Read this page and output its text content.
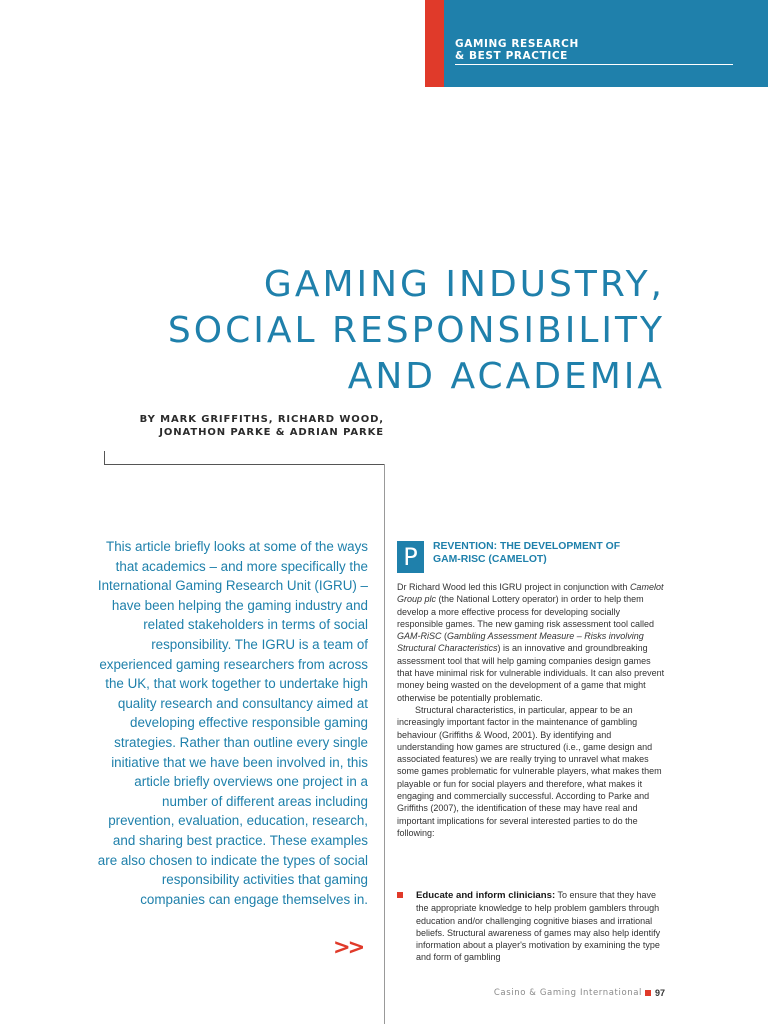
GAMING RESEARCH
& BEST PRACTICE
GAMING INDUSTRY,
SOCIAL RESPONSIBILITY
AND ACADEMIA
BY MARK GRIFFITHS, RICHARD WOOD,
JONATHON PARKE & ADRIAN PARKE
This article briefly looks at some of the ways that academics – and more specifically the International Gaming Research Unit (IGRU) – have been helping the gaming industry and related stakeholders in terms of social responsibility. The IGRU is a team of experienced gaming researchers from across the UK, that work together to undertake high quality research and consultancy aimed at developing effective responsible gaming strategies. Rather than outline every single initiative that we have been involved in, this article briefly overviews one project in a number of different areas including prevention, evaluation, education, research, and sharing best practice. These examples are also chosen to indicate the types of social responsibility activities that gaming companies can engage themselves in.
>>
P	REVENTION: THE DEVELOPMENT OF
GAM-RISC (CAMELOT)

Dr Richard Wood led this IGRU project in conjunction with Camelot Group plc (the National Lottery operator) in order to help them develop a more effective process for developing socially responsible games. The new gaming risk assessment tool called GAM-RiSC (Gambling Assessment Measure – Risks involving Structural Characteristics) is an innovative and groundbreaking assessment tool that will help gaming companies design games that have minimal risk for vulnerable individuals. It can also prevent money being wasted on the development of a game that might otherwise be potentially problematic.

Structural characteristics, in particular, appear to be an increasingly important factor in the maintenance of gambling behaviour (Griffiths & Wood, 2001). By identifying and understanding how games are structured (i.e., game design and associated features) we are really trying to unravel what makes some games problematic for vulnerable players, what makes them playable or fun for social players and therefore, what makes it engaging and commercially successful. According to Parke and Griffiths (2007), the identification of these may have real and important implications for several interested parties to do the following:

Educate and inform clinicians: To ensure that they have the appropriate knowledge to help problem gamblers through education and/or challenging cognitive biases and irrational beliefs. Structural awareness of games may also help identify information about a player's motivation by examining the type and form of gambling
Casino & Gaming International 97
